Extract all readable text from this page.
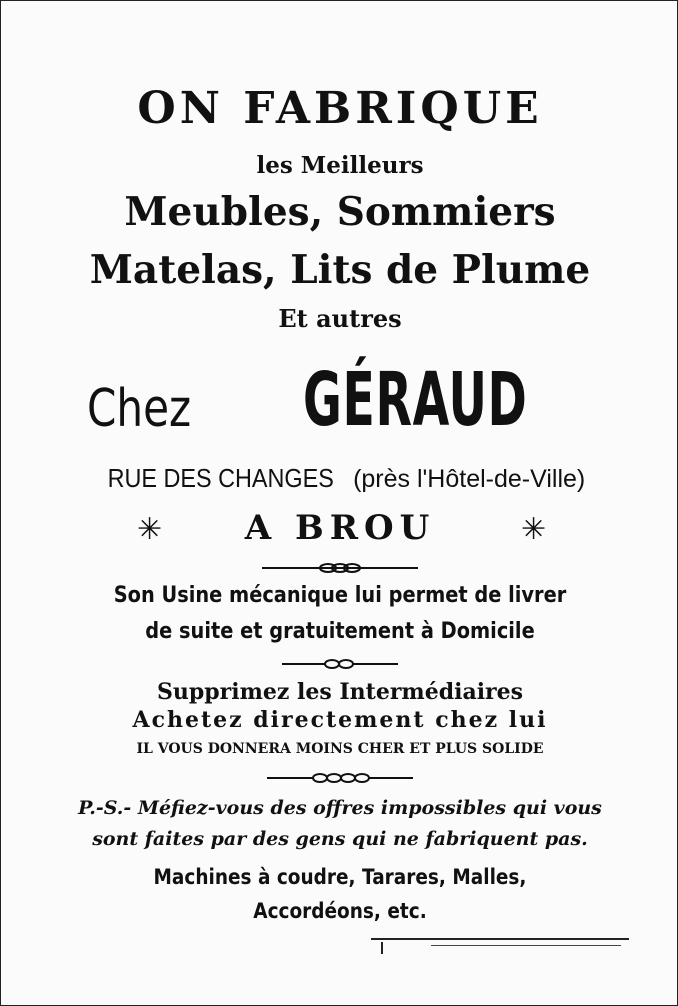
ON FABRIQUE
les Meilleurs
Meubles, Sommiers
Matelas, Lits de Plume
Et autres
Chez GÉRAUD
RUE DES CHANGES (près l'Hôtel-de-Ville)
✳	A BROU	✳
Son Usine mécanique lui permet de livrer
de suite et gratuitement à Domicile
Supprimez les Intermédiaires
Achetez directement chez lui
IL VOUS DONNERA MOINS CHER ET PLUS SOLIDE
P.-S.- Méfiez-vous des offres impossibles qui vous
sont faites par des gens qui ne fabriquent pas.
Machines à coudre, Tarares, Malles,
Accordéons, etc.
